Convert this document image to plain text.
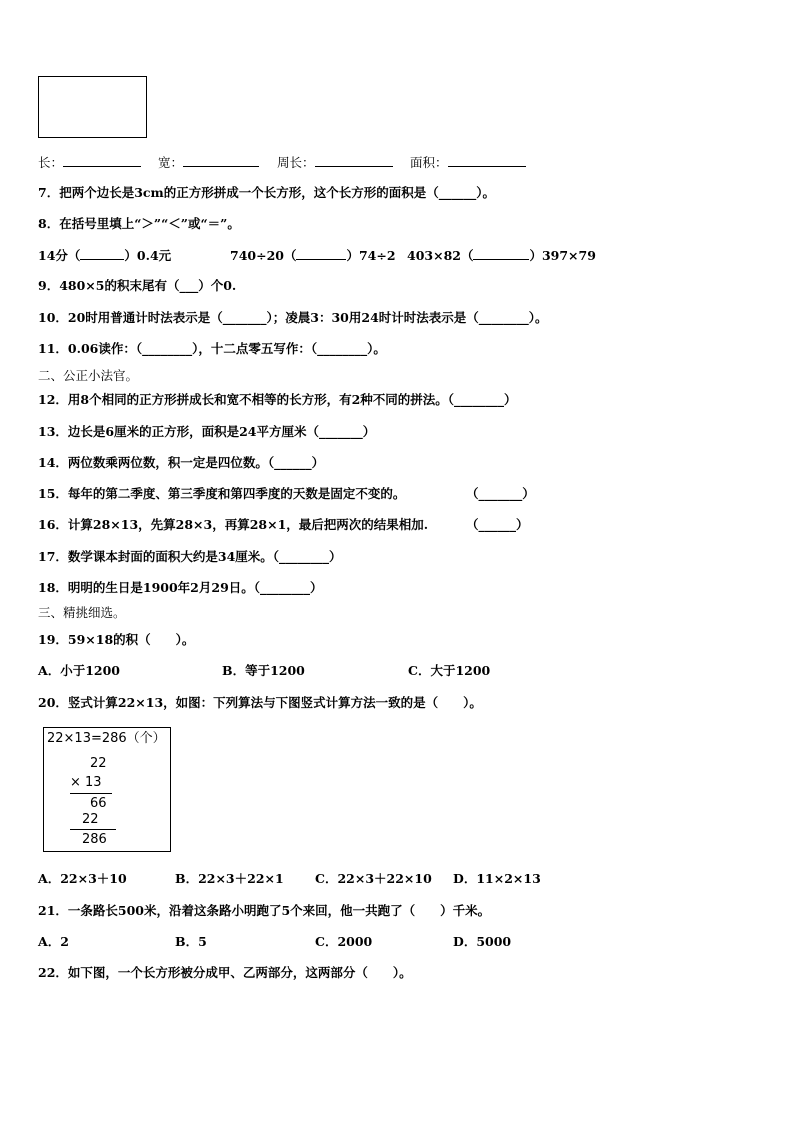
长：	宽：	周长：	面积：
7．把两个边长是3cm的正方形拼成一个长方形，这个长方形的面积是（______）。
8．在括号里填上“＞”“＜”或“＝”。
14分（	）0.4元	740÷20（	）74÷2 403×82（	）397×79
9．480×5的积末尾有（___）个0.
10．20时用普通计时法表示是（_______）；凌晨3：30用24时计时法表示是（________）。
11．0.06读作：（________），十二点零五写作：（________）。
二、公正小法官。
12．用8个相同的正方形拼成长和宽不相等的长方形，有2种不同的拼法。（________）
13．边长是6厘米的正方形，面积是24平方厘米（_______）
14．两位数乘两位数，积一定是四位数。（______）
15．每年的第二季度、第三季度和第四季度的天数是固定不变的。	（_______）
16．计算28×13，先算28×3，再算28×1，最后把两次的结果相加.	（______）
17．数学课本封面的面积大约是34厘米。（________）
18．明明的生日是1900年2月29日。（________）
三、精挑细选。
19．59×18的积（　　）。
A．小于1200	B．等于1200	C．大于1200
20．竖式计算22×13，如图：下列算法与下图竖式计算方法一致的是（　　）。
22×13=286（个）
22
× 13
66
22
286
A．22×3＋10	B．22×3＋22×1	C．22×3＋22×10 D．11×2×13
21．一条路长500米，沿着这条路小明跑了5个来回，他一共跑了（　　）千米。
A．2	B．5	C．2000	D．5000
22．如下图，一个长方形被分成甲、乙两部分，这两部分（　　）。
